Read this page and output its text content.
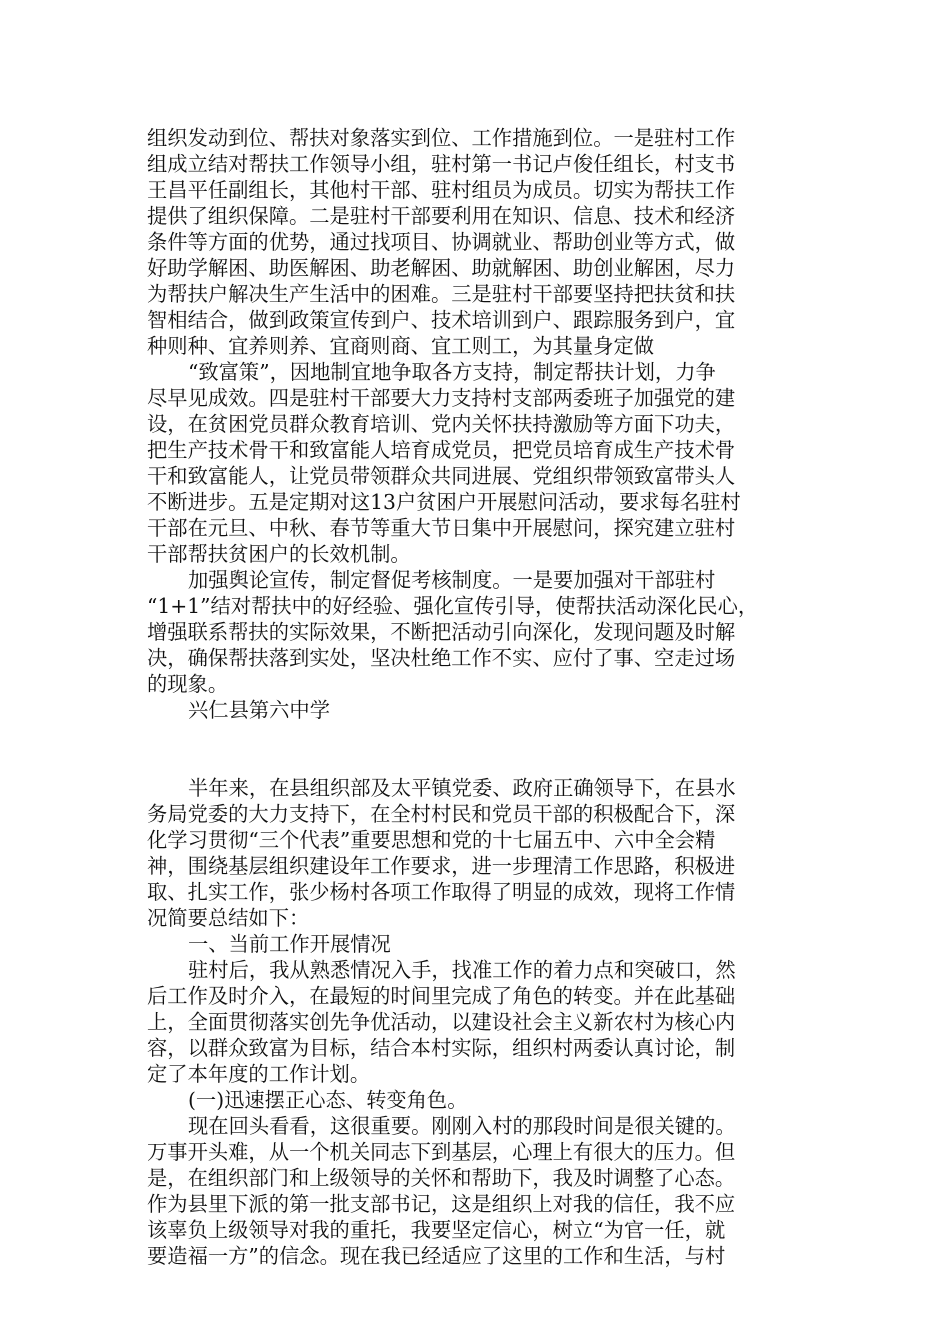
组织发动到位、帮扶对象落实到位、工作措施到位。一是驻村工作
组成立结对帮扶工作领导小组，驻村第一书记卢俊任组长，村支书
王昌平任副组长，其他村干部、驻村组员为成员。切实为帮扶工作
提供了组织保障。二是驻村干部要利用在知识、信息、技术和经济
条件等方面的优势，通过找项目、协调就业、帮助创业等方式，做
好助学解困、助医解困、助老解困、助就解困、助创业解困，尽力
为帮扶户解决生产生活中的困难。三是驻村干部要坚持把扶贫和扶
智相结合，做到政策宣传到户、技术培训到户、跟踪服务到户，宜
种则种、宜养则养、宜商则商、宜工则工，为其量身定做
“致富策”，因地制宜地争取各方支持，制定帮扶计划，力争
尽早见成效。四是驻村干部要大力支持村支部两委班子加强党的建
设，在贫困党员群众教育培训、党内关怀扶持激励等方面下功夫，
把生产技术骨干和致富能人培育成党员，把党员培育成生产技术骨
干和致富能人，让党员带领群众共同进展、党组织带领致富带头人
不断进步。五是定期对这13户贫困户开展慰问活动，要求每名驻村
干部在元旦、中秋、春节等重大节日集中开展慰问，探究建立驻村
干部帮扶贫困户的长效机制。
加强舆论宣传，制定督促考核制度。一是要加强对干部驻村
“1+1”结对帮扶中的好经验、强化宣传引导，使帮扶活动深化民心，
增强联系帮扶的实际效果，不断把活动引向深化，发现问题及时解
决，确保帮扶落到实处，坚决杜绝工作不实、应付了事、空走过场
的现象。
兴仁县第六中学
半年来，在县组织部及太平镇党委、政府正确领导下，在县水
务局党委的大力支持下，在全村村民和党员干部的积极配合下，深
化学习贯彻“三个代表”重要思想和党的十七届五中、六中全会精
神，围绕基层组织建设年工作要求，进一步理清工作思路，积极进
取、扎实工作，张少杨村各项工作取得了明显的成效，现将工作情
况简要总结如下：
一、当前工作开展情况
驻村后，我从熟悉情况入手，找准工作的着力点和突破口，然
后工作及时介入，在最短的时间里完成了角色的转变。并在此基础
上，全面贯彻落实创先争优活动，以建设社会主义新农村为核心内
容，以群众致富为目标，结合本村实际，组织村两委认真讨论，制
定了本年度的工作计划。
(一)迅速摆正心态、转变角色。
现在回头看看，这很重要。刚刚入村的那段时间是很关键的。
万事开头难，从一个机关同志下到基层，心理上有很大的压力。但
是，在组织部门和上级领导的关怀和帮助下，我及时调整了心态。
作为县里下派的第一批支部书记，这是组织上对我的信任，我不应
该辜负上级领导对我的重托，我要坚定信心，树立“为官一任，就
要造福一方”的信念。现在我已经适应了这里的工作和生活，与村
